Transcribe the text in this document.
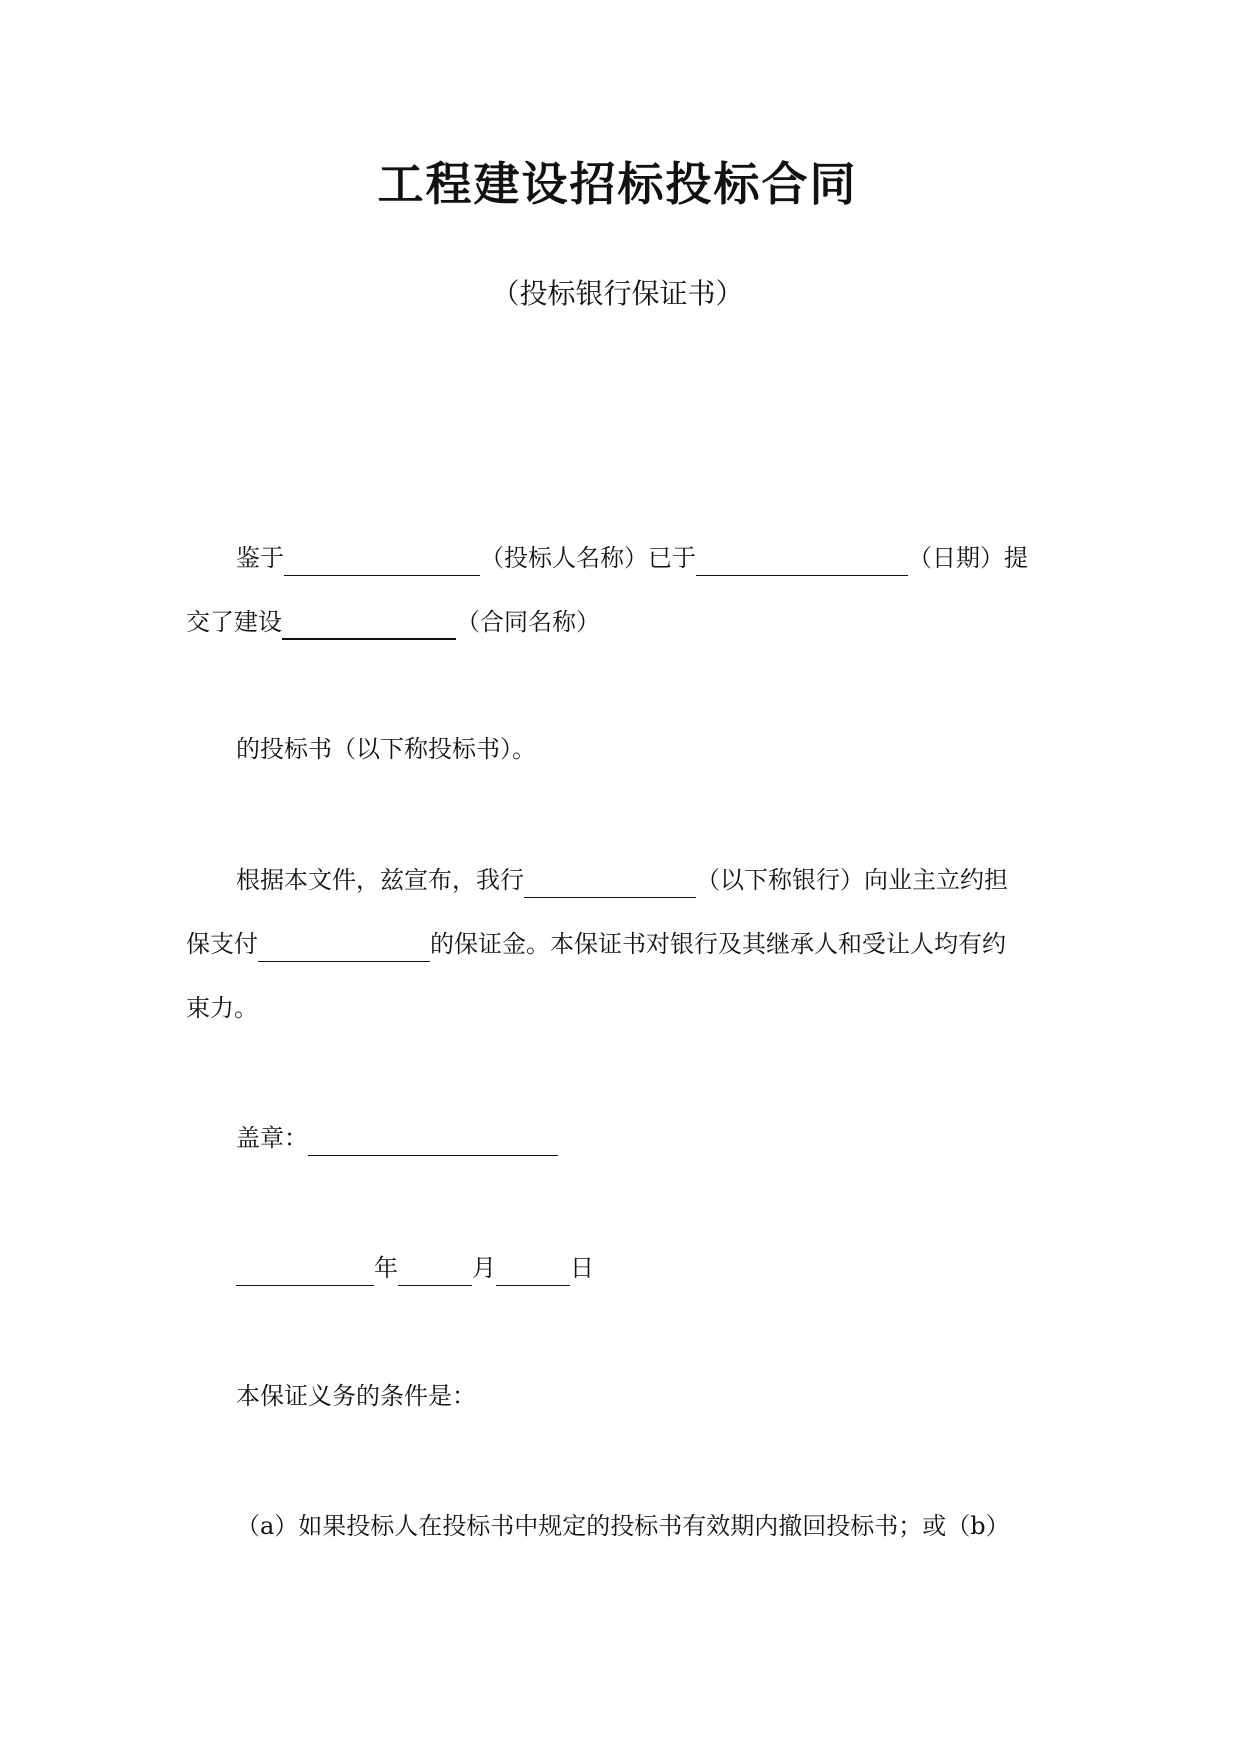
工程建设招标投标合同
（投标银行保证书）
鉴于	（投标人名称）已于	（日期）提
交了建设	（合同名称）
的投标书（以下称投标书）。
根据本文件，兹宣布，我行	（以下称银行）向业主立约担
保支付	的保证金。本保证书对银行及其继承人和受让人均有约
束力。
盖章：
年	月	日
本保证义务的条件是：
（a）如果投标人在投标书中规定的投标书有效期内撤回投标书；或（b）
